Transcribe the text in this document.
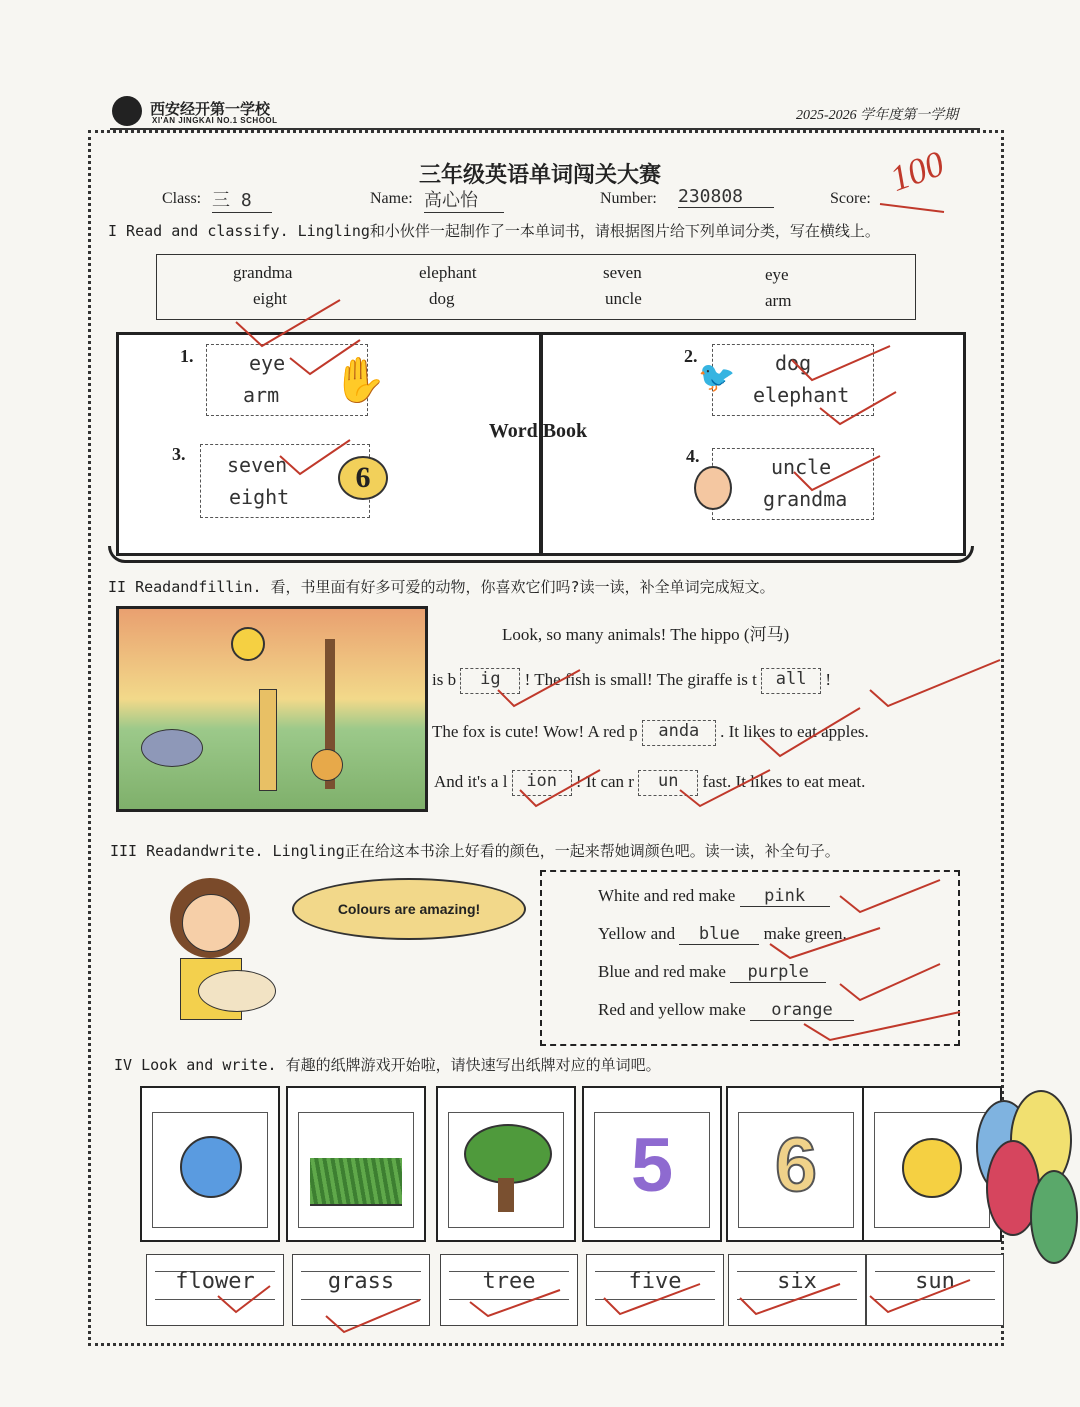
西安经开第一学校
XI'AN JINGKAI NO.1 SCHOOL	2025-2026 学年度第一学期
三年级英语单词闯关大赛
Class: 三 8	Name: 高心怡	Number: 230808	Score: 100
I Read and classify. Lingling和小伙伴一起制作了一本单词书，请根据图片给下列单词分类，写在横线上。
grandma	elephant	seven	eye
eight	dog	uncle	arm
Word Book
1.	eye
arm ✋	2.	dog
elephant
🐦
3. seven
eight
6
4.	uncle
grandma
II Readandfillin. 看，书里面有好多可爱的动物，你喜欢它们吗?读一读，补全单词完成短文。
Look, so many animals! The hippo (河马)
is b ig ! The fish is small! The giraffe is t all !
The fox is cute! Wow! A red p anda . It likes to eat apples.
And it's a l ion ! It can r un fast. It likes to eat meat.
III Readandwrite. Lingling正在给这本书涂上好看的颜色，一起来帮她调颜色吧。读一读，补全句子。
Colours are amazing!
White and red make pink
Yellow and blue make green.
Blue and red make purple
Red and yellow make orange
IV Look and write. 有趣的纸牌游戏开始啦，请快速写出纸牌对应的单词吧。
5	6
flower	grass	tree	five	six	sun
